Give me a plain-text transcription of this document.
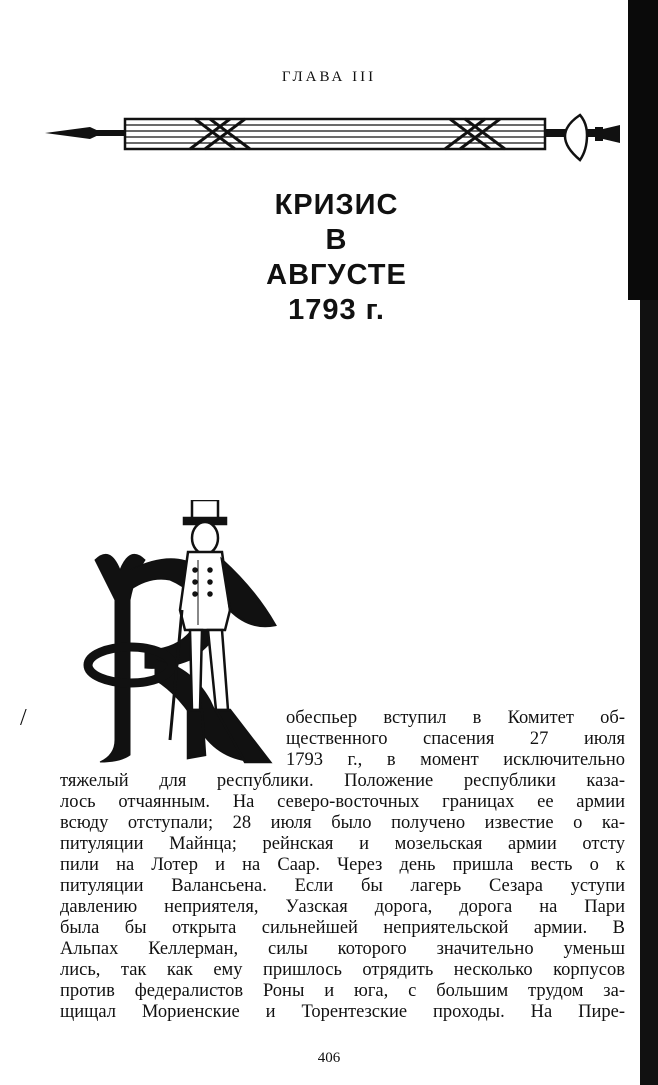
ГЛАВА III
КРИЗИС
В
АВГУСТЕ
1793 г.
/	обеспьер вступил в Комитет об-
щественного спасения 27 июля
1793 г., в момент исключительно
тяжелый для республики. Положение республики каза-
лось отчаянным. На северо-восточных границах ее армии
всюду отступали; 28 июля было получено известие о ка-
питуляции Майнца; рейнская и мозельская армии отсту
пили на Лотер и на Саар. Через день пришла весть о к
питуляции Валансьена. Если бы лагерь Сезара уступи
давлению неприятеля, Уазская дорога, дорога на Пари
была бы открыта сильнейшей неприятельской армии. В
Альпах Келлерман, силы которого значительно уменьш
лись, так как ему пришлось отрядить несколько корпусов
против федералистов Роны и юга, с большим трудом за-
щищал Мориенские и Торентезские проходы. На Пире-
406
